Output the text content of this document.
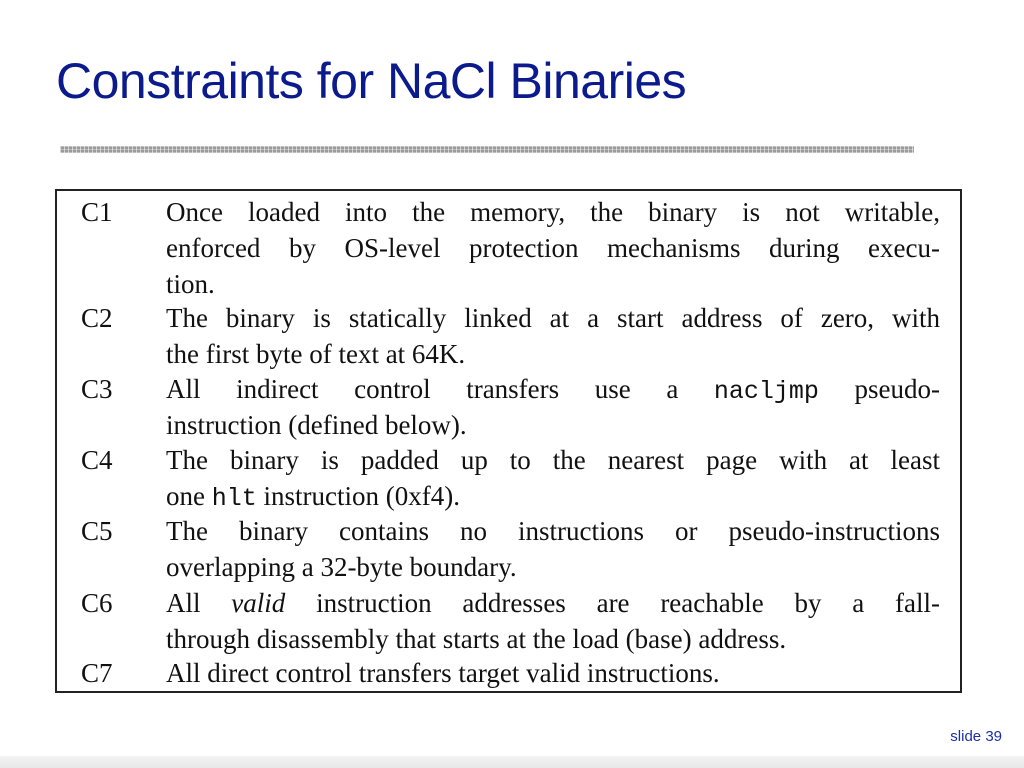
Constraints for NaCl Binaries
C1 Once loaded into the memory, the binary is not writable,
enforced by OS-level protection mechanisms during execu-
tion.
C2 The binary is statically linked at a start address of zero, with
the first byte of text at 64K.
C3 All indirect control transfers use a nacljmp pseudo-
instruction (defined below).
C4 The binary is padded up to the nearest page with at least
one hlt instruction (0xf4).
C5 The binary contains no instructions or pseudo-instructions
overlapping a 32-byte boundary.
C6 All valid instruction addresses are reachable by a fall-
through disassembly that starts at the load (base) address.
C7 All direct control transfers target valid instructions.
slide 39
